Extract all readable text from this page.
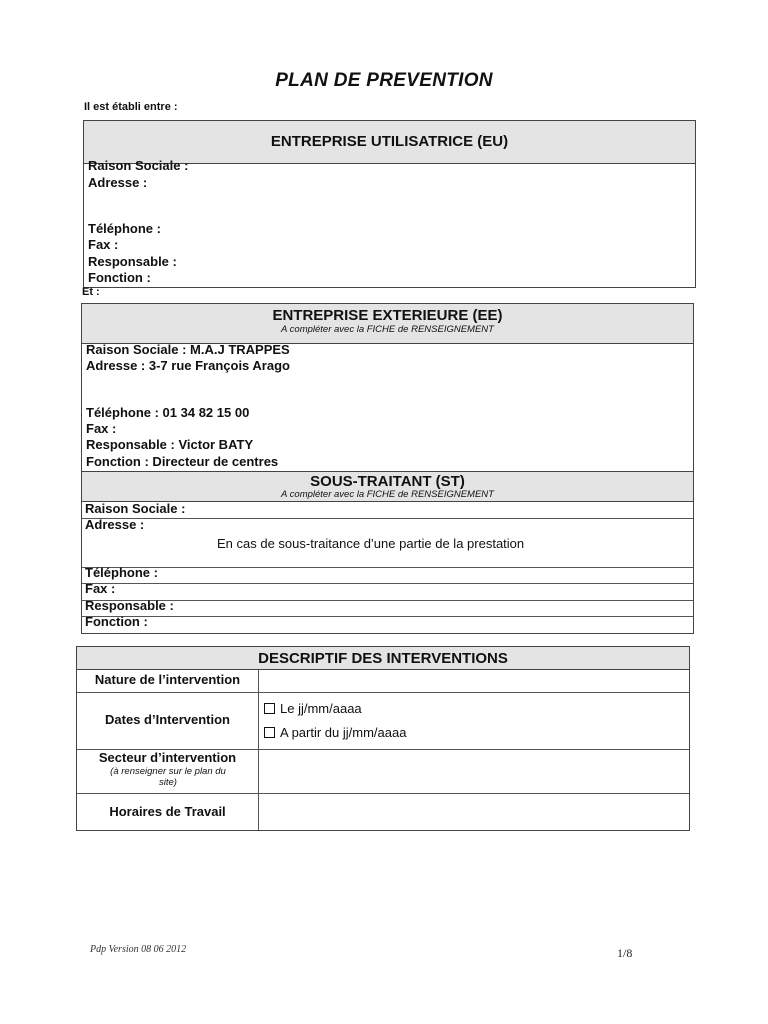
PLAN DE PREVENTION
Il est établi entre :
ENTREPRISE UTILISATRICE (EU)
Raison Sociale :
Adresse :
Téléphone :
Fax :
Responsable :
Fonction :
Et :
ENTREPRISE EXTERIEURE (EE)
A compléter avec la FICHE de RENSEIGNEMENT
Raison Sociale : M.A.J TRAPPES
Adresse : 3-7 rue François Arago
Téléphone : 01 34 82 15 00
Fax :
Responsable : Victor BATY
Fonction : Directeur de centres
SOUS-TRAITANT (ST)
A compléter avec la FICHE de RENSEIGNEMENT
Raison Sociale :
Adresse :
En cas de sous-traitance d’une partie de la prestation
Téléphone :
Fax :
Responsable :
Fonction :
DESCRIPTIF DES INTERVENTIONS
Nature de l’intervention
Dates d’Intervention
Le jj/mm/aaaa
A partir du jj/mm/aaaa
Secteur d’intervention
(à renseigner sur le plan du site)
Horaires de Travail
Pdp Version 08 06 2012	1/8
